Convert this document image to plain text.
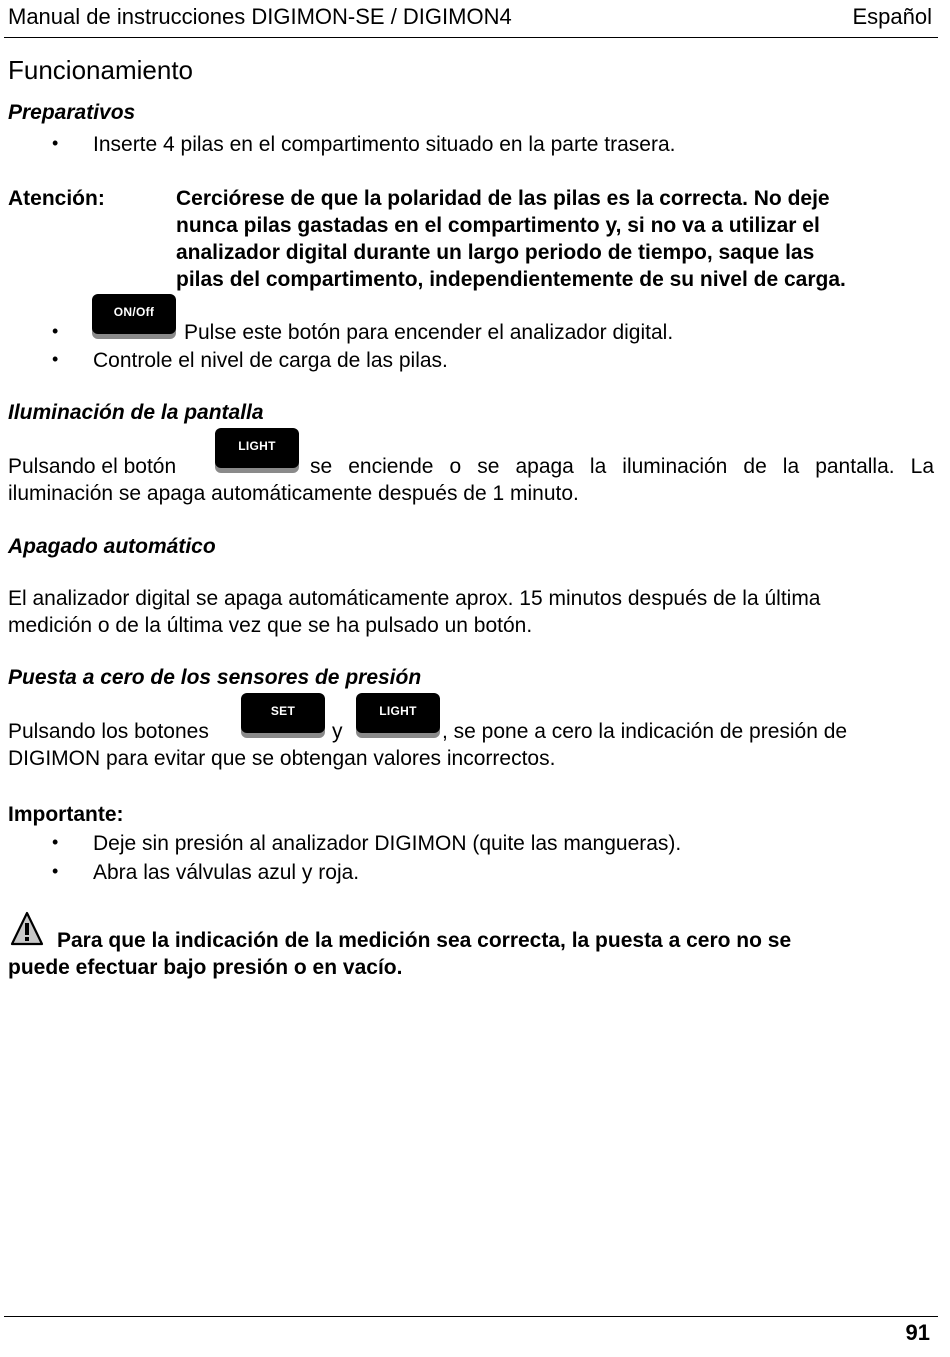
Manual de instrucciones DIGIMON-SE / DIGIMON4	Español
Funcionamiento
Preparativos
• Inserte 4 pilas en el compartimento situado en la parte trasera.
Atención:	Cerciórese de que la polaridad de las pilas es la correcta. No deje
nunca pilas gastadas en el compartimento y, si no va a utilizar el
analizador digital durante un largo periodo de tiempo, saque las
pilas del compartimento, independientemente de su nivel de carga.
ON/Off
•	Pulse este botón para encender el analizador digital.
• Controle el nivel de carga de las pilas.
Iluminación de la pantalla
Pulsando el botón
LIGHT
se enciende o se apaga la iluminación de la pantalla. La
iluminación se apaga automáticamente después de 1 minuto.
Apagado automático
El analizador digital se apaga automáticamente aprox. 15 minutos después de la última
medición o de la última vez que se ha pulsado un botón.
Puesta a cero de los sensores de presión
Pulsando los botones
SET
y
LIGHT
, se pone a cero la indicación de presión de
DIGIMON para evitar que se obtengan valores incorrectos.
Importante:
• Deje sin presión al analizador DIGIMON (quite las mangueras).
• Abra las válvulas azul y roja.
Para que la indicación de la medición sea correcta, la puesta a cero no se
puede efectuar bajo presión o en vacío.
91
